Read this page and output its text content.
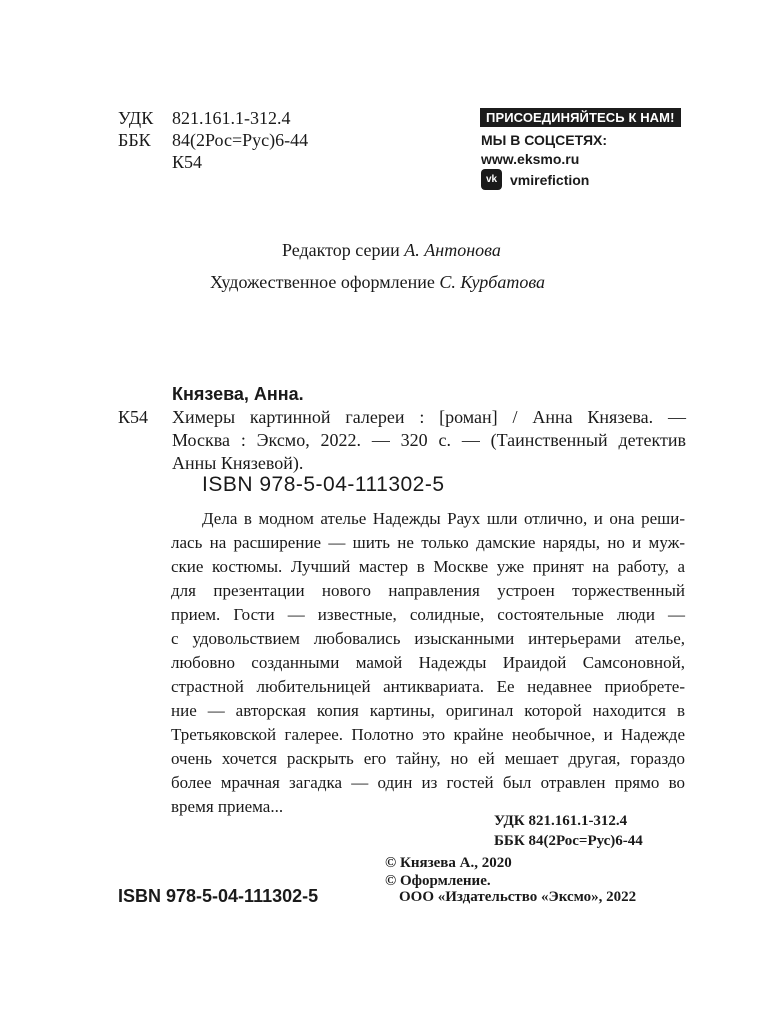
УДК 821.161.1-312.4
ББК 84(2Рос=Рус)6-44
К54
ПРИСОЕДИНЯЙТЕСЬ К НАМ!
МЫ В СОЦСЕТЯХ:
www.eksmo.ru
vk vmirefiction
Редактор серии А. Антонова
Художественное оформление С. Курбатова
Князева, Анна.
К54 Химеры картинной галереи : [роман] / Анна Князева. —
Москва : Эксмо, 2022. — 320 с. — (Таинственный детектив
Анны Князевой).
ISBN 978-5-04-111302-5
Дела в модном ателье Надежды Раух шли отлично, и она реши-
лась на расширение — шить не только дамские наряды, но и муж-
ские костюмы. Лучший мастер в Москве уже принят на работу, а
для презентации нового направления устроен торжественный
прием. Гости — известные, солидные, состоятельные люди —
с удовольствием любовались изысканными интерьерами ателье,
любовно созданными мамой Надежды Ираидой Самсоновной,
страстной любительницей антиквариата. Ее недавнее приобрете-
ние — авторская копия картины, оригинал которой находится в
Третьяковской галерее. Полотно это крайне необычное, и Надежде
очень хочется раскрыть его тайну, но ей мешает другая, гораздо
более мрачная загадка — один из гостей был отравлен прямо во
время приема...
УДК 821.161.1-312.4
ББК 84(2Рос=Рус)6-44
© Князева А., 2020
© Оформление.
ООО «Издательство «Эксмо», 2022
ISBN 978-5-04-111302-5
